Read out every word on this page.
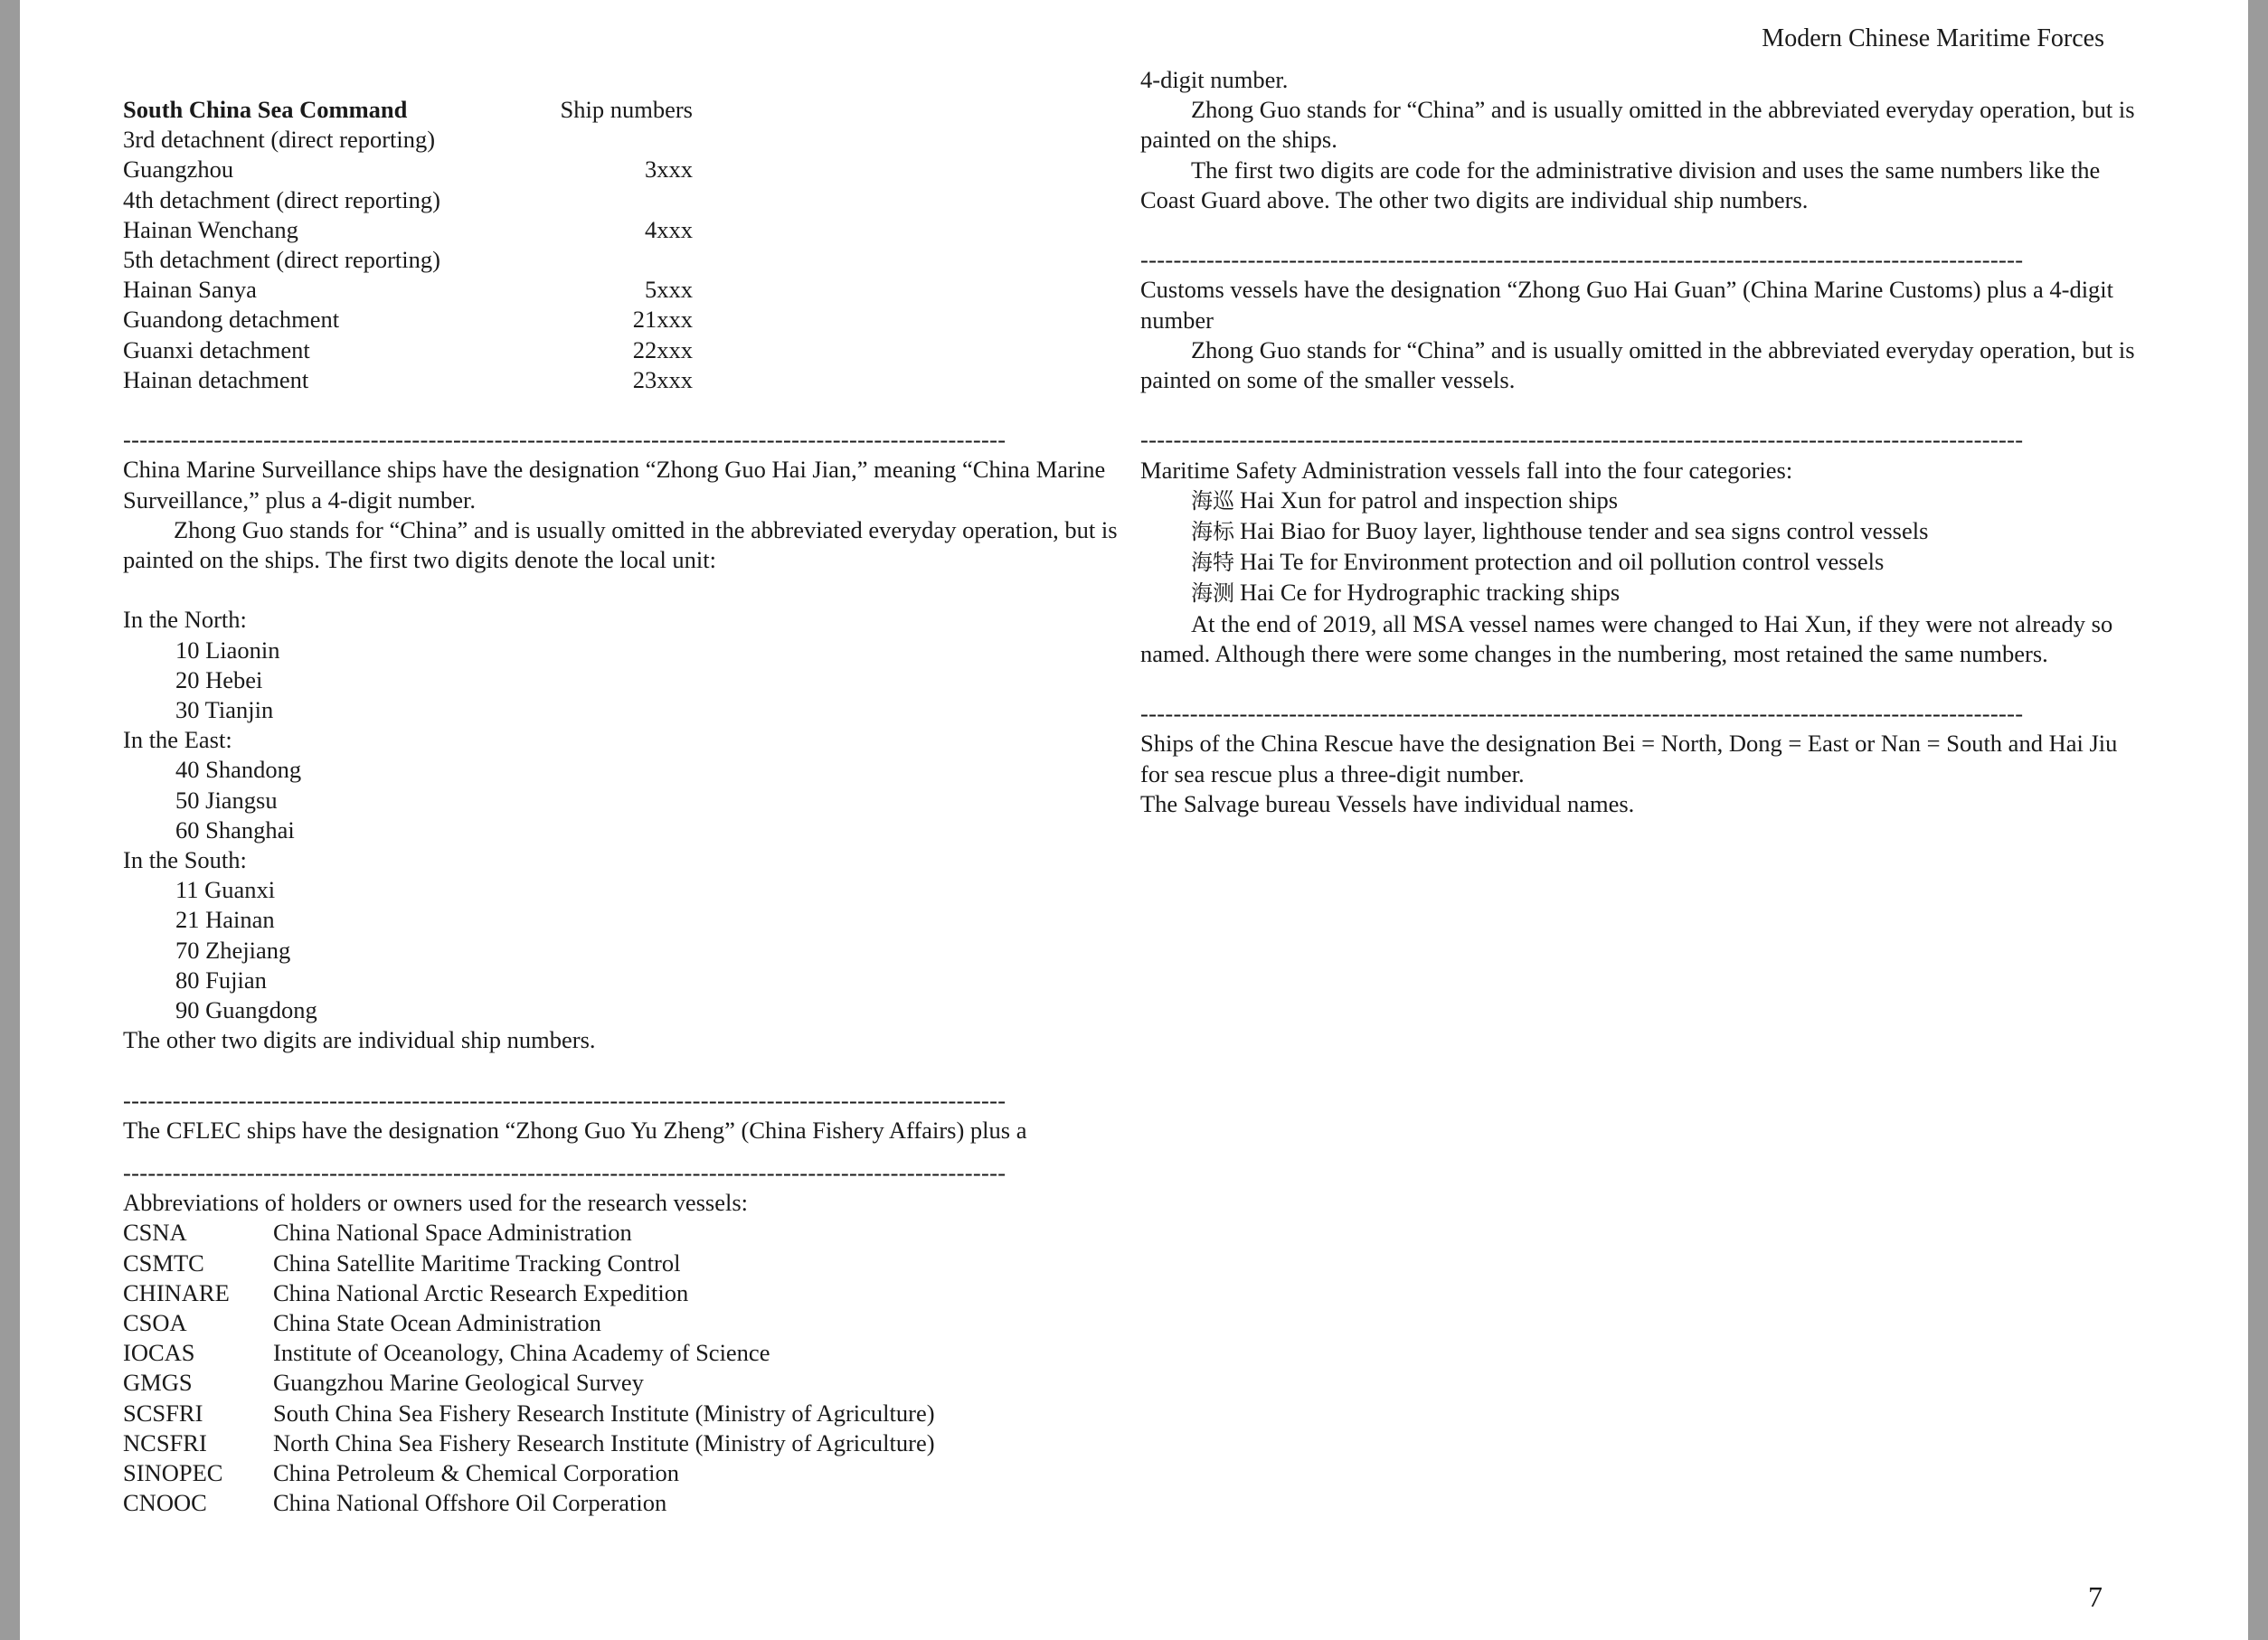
Modern Chinese Maritime Forces
South China Sea Command	Ship numbers
3rd detachnent (direct reporting)
Guangzhou	3xxx
4th detachment (direct reporting)
Hainan Wenchang	4xxx
5th detachment (direct reporting)
Hainan Sanya	5xxx
Guandong detachment	21xxx
Guanxi detachment	22xxx
Hainan detachment	23xxx
-----------------------------------------------------------------------------------------------------------
China Marine Surveillance ships have the designation “Zhong Guo Hai Jian,” meaning “China Marine Surveillance,” plus a 4-digit number.
Zhong Guo stands for “China” and is usually omitted in the abbreviated everyday operation, but is painted on the ships. The first two digits denote the local unit:
In the North:
10 Liaonin
20 Hebei
30 Tianjin
In the East:
40 Shandong
50 Jiangsu
60 Shanghai
In the South:
11 Guanxi
21 Hainan
70 Zhejiang
80 Fujian
90 Guangdong
The other two digits are individual ship numbers.
-----------------------------------------------------------------------------------------------------------
The CFLEC ships have the designation “Zhong Guo Yu Zheng” (China Fishery Affairs) plus a
-----------------------------------------------------------------------------------------------------------
Abbreviations of holders or owners used for the research vessels:
CSNA	China National Space Administration
CSMTC	China Satellite Maritime Tracking Control
CHINARE	China National Arctic Research Expedition
CSOA	China State Ocean Administration
IOCAS	Institute of Oceanology, China Academy of Science
GMGS	Guangzhou Marine Geological Survey
SCSFRI	South China Sea Fishery Research Institute (Ministry of Agriculture)
NCSFRI	North China Sea Fishery Research Institute (Ministry of Agriculture)
SINOPEC	China Petroleum & Chemical Corporation
CNOOC	China National Offshore Oil Corperation
4-digit number.
Zhong Guo stands for “China” and is usually omitted in the abbreviated everyday operation, but is painted on the ships.
The first two digits are code for the administrative division and uses the same numbers like the Coast Guard above. The other two digits are individual ship numbers.
-----------------------------------------------------------------------------------------------------------
Customs vessels have the designation “Zhong Guo Hai Guan” (China Marine Customs) plus a 4-digit number
Zhong Guo stands for “China” and is usually omitted in the abbreviated everyday operation, but is painted on some of the smaller vessels.
-----------------------------------------------------------------------------------------------------------
Maritime Safety Administration vessels fall into the four categories:
海巡 Hai Xun for patrol and inspection ships
海标 Hai Biao for Buoy layer, lighthouse tender and sea signs control vessels
海特 Hai Te for Environment protection and oil pollution control vessels
海测 Hai Ce for Hydrographic tracking ships
At the end of 2019, all MSA vessel names were changed to Hai Xun, if they were not already so named. Although there were some changes in the numbering, most retained the same numbers.
-----------------------------------------------------------------------------------------------------------
Ships of the China Rescue have the designation Bei = North, Dong = East or Nan = South and Hai Jiu for sea rescue plus a three-digit number.
The Salvage bureau Vessels have individual names.
7
